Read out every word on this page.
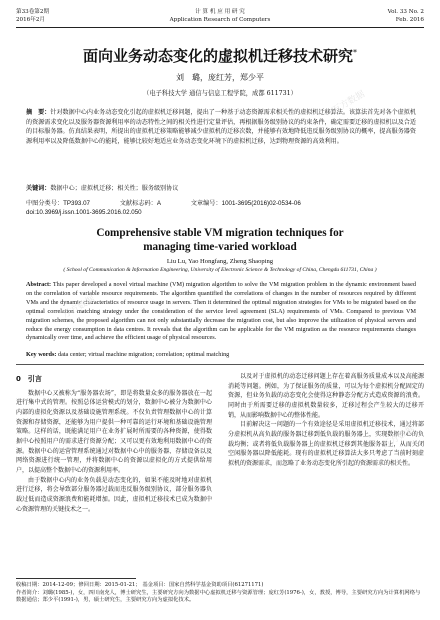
第33卷第2期
2016年2月
计 算 机 应 用 研 究
Application Research of Computers
Vol. 33 No. 2
Feb. 2016
面向业务动态变化的虚拟机迁移技术研究*
刘　璐，庞红芳，郑少平
（电子科技大学 通信与信息工程学院，成都 611731）
摘　要：针对数据中心内业务动态变化引起的虚拟机迁移问题，提出了一种基于动态资源需求相关性的虚拟机迁移算法。该算法首先对各个虚拟机的资源需求变化以及服务器资源利用率的动态特性之间的相关性进行定量评估，再根据服务级别协议的约束条件，确定需要迁移的虚拟机以及合适的目标服务器。仿真结果表明，所提出的虚拟机迁移策略能够减少虚拟机的迁移次数，并能够有效地降低违反服务级别协议的概率，提高服务器资源利用率以及降低数据中心的能耗，能够比较好地适应业务动态变化环境下的虚拟机迁移，达到物理资源的高效利用。
关键词：数据中心；虚拟机迁移；相关性；服务级别协议
中图分类号：TP393.07	文献标志码：A	文章编号：1001-3695(2016)02-0534-06
doi:10.3969/j.issn.1001-3695.2016.02.050
Comprehensive stable VM migration techniques for
managing time-varied workload
Liu Lu, Yao Hongfang, Zheng Shaoping
( School of Communication & Information Engineering, University of Electronic Science & Technology of China, Chengdu 611731, China )
Abstract: This paper developed a novel virtual machine (VM) migration algorithm to solve the VM migration problem in the dynamic environment based on the correlation of variable resource requirements. The algorithm quantified the correlations of changes in the number of resources required by different VMs and the dynamic characteristics of resource usage in servers. Then it determined the optimal migration strategies for VMs to be migrated based on the optimal correlation matching strategy under the consideration of the service level agreement (SLA) requirements of VMs. Compared to previous VM migration schemes, the proposed algorithm can not only substantially decrease the migration cost, but also improve the utilization of physical servers and reduce the energy consumption in data centres. It reveals that the algorithm can be applicable for the VM migration as the resource requirements changes dynamically over time, and achieve the efficient usage of physical resources.
Key words: data center; virtual machine migration; correlation; optimal matching
0　引言

数据中心又被称为“服务器农场”，即是将数量众多的服务器放在一起进行集中式的管理。按照总体运营模式的划分，数据中心被分为数据中心内部的虚拟化资源以及基础设施管理系统。不仅负责管理数据中心的计算资源和存储资源，还能够为用户提供一种可靠的运行环境和基础设施管理策略。这样的话，既能满足用户在业务扩展时所需要的各种资源，使得数据中心按照用户的需求进行资源分配；又可以更有效地利用数据中心的资源。数据中心的运营管理系统通过对数据中心中的服务器、存储设备以及网络资源进行统一管理，并将数据中心的资源以虚拟化的方式提供给用户，以提高整个数据中心的资源利用率。

由于数据中心内的业务负载是动态变化的，如果不能及时地对虚拟机进行迁移，将会导致部分服务器过载而违反服务级别协议，部分服务器负载过低而造成资源浪费和能耗增加。因此，虚拟机迁移技术已成为数据中心资源管理的关键技术之一。

以及对于虚拟机的动态迁移问题上存在着高服务质量成本以及高能源消耗等问题。例如，为了保证服务的质量，可以为每个虚拟机分配固定的资源，但业务负载的动态变化会使得这种静态分配方式造成资源的浪费。同时由于所需要迁移的虚拟机数量较多，迁移过程会产生较大的迁移开销，从而影响数据中心的整体性能。

目前解决这一问题的一个有效途径是采用虚拟机迁移技术，通过将部分虚拟机从高负载的服务器迁移到低负载的服务器上，实现数据中心的负载均衡；或者将低负载服务器上的虚拟机迁移到其他服务器上，从而关闭空闲服务器以降低能耗。现有的虚拟机迁移算法大多只考虑了当前时刻虚拟机的资源需求，而忽略了业务动态变化所引起的资源需求的相关性。

收稿日期：2014-12-09；修回日期：2015-01-21； 基金项目：国家自然科学基金资助项目(61271171)
作者简介：刘璐(1985-)，女，四川南充人，博士研究生，主要研究方向为数据中心虚拟机迁移与资源管理；庞红芳(1976-)，女，教授，博导，主要研究方向为计算机网络与数据通信；郑少平(1991-)，男，硕士研究生，主要研究方向为虚拟化技术。
万方数据
万方数据
万方数据
